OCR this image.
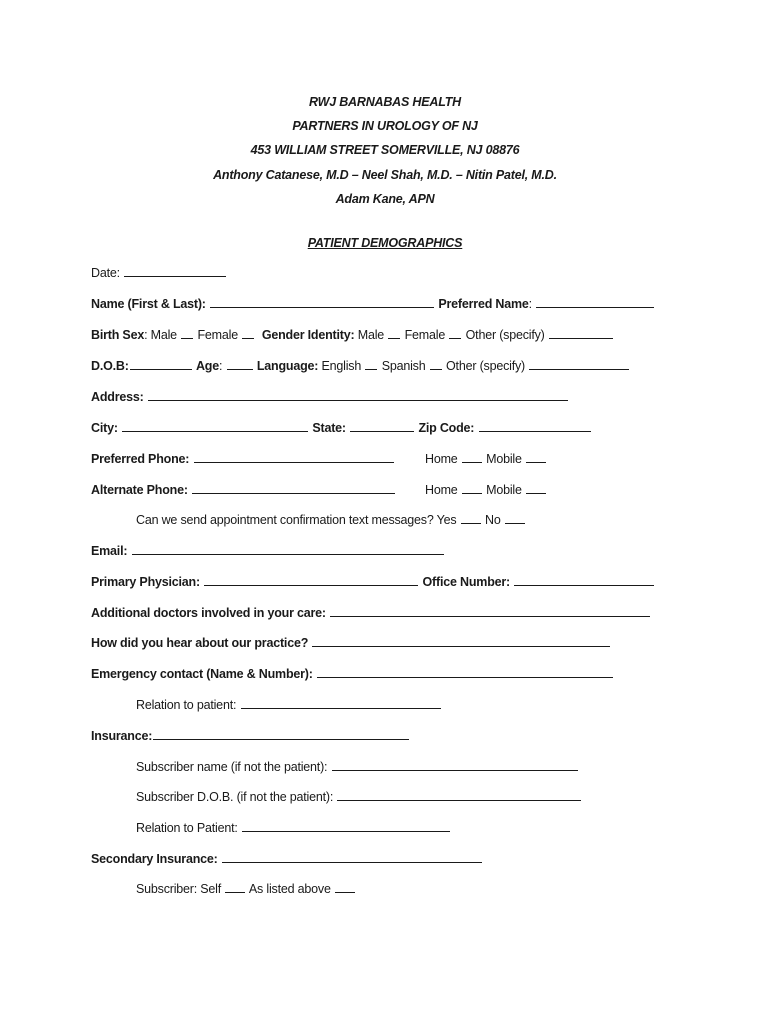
RWJ BARNABAS HEALTH
PARTNERS IN UROLOGY OF NJ
453 WILLIAM STREET SOMERVILLE, NJ 08876
Anthony Catanese, M.D – Neel Shah, M.D. – Nitin Patel, M.D.
Adam Kane, APN
PATIENT DEMOGRAPHICS
Date:
Name (First & Last):	Preferred Name:
Birth Sex: Male Female Gender Identity: Male Female Other (specify)
D.O.B:	Age:	Language: English Spanish Other (specify)
Address:
City:	State:	Zip Code:
Preferred Phone:	Home Mobile
Alternate Phone:	Home Mobile
Can we send appointment confirmation text messages? Yes No
Email:
Primary Physician:	Office Number:
Additional doctors involved in your care:
How did you hear about our practice?
Emergency contact (Name & Number):
Relation to patient:
Insurance:
Subscriber name (if not the patient):
Subscriber D.O.B. (if not the patient):
Relation to Patient:
Secondary Insurance:
Subscriber: Self As listed above
